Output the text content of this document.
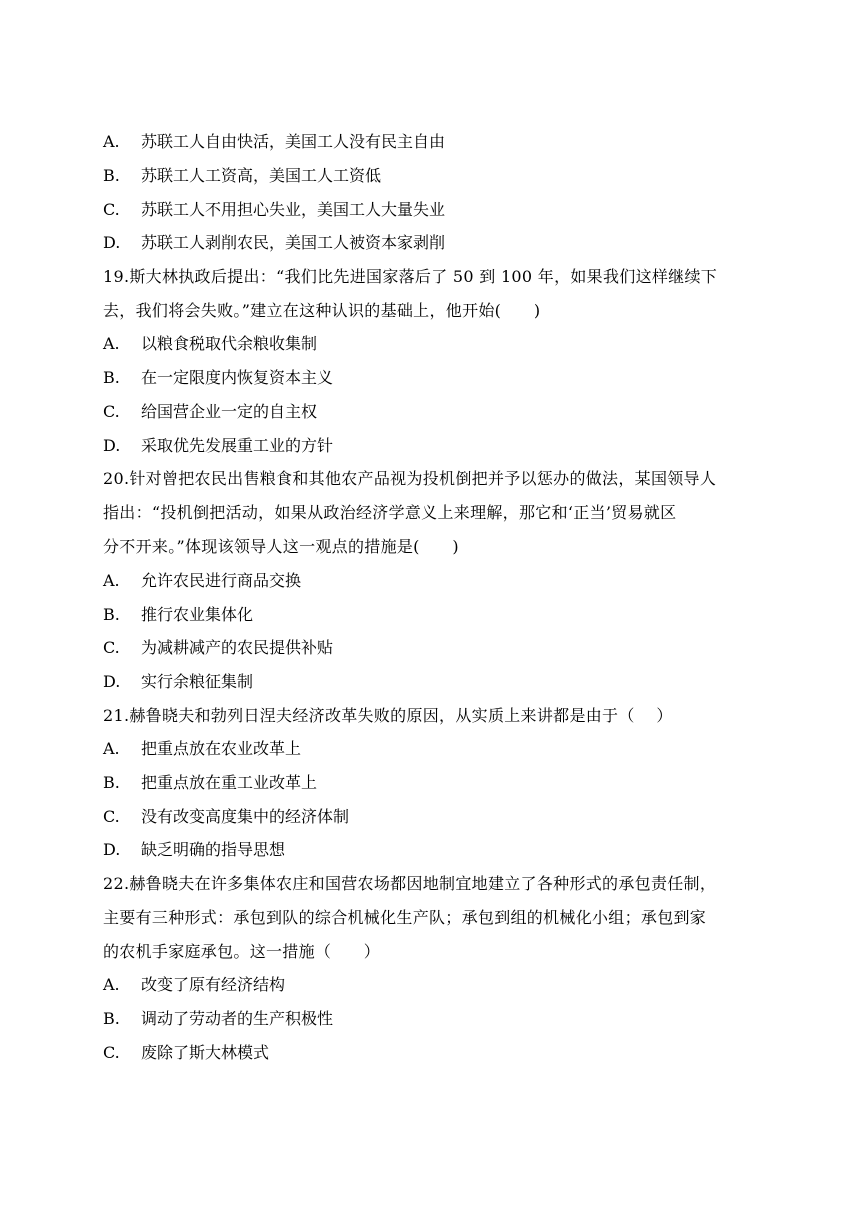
A. 苏联工人自由快活，美国工人没有民主自由
B. 苏联工人工资高，美国工人工资低
C. 苏联工人不用担心失业，美国工人大量失业
D. 苏联工人剥削农民，美国工人被资本家剥削
19.斯大林执政后提出：“我们比先进国家落后了 50 到 100 年，如果我们这样继续下
去，我们将会失败。”建立在这种认识的基础上，他开始(　　)
A. 以粮食税取代余粮收集制
B. 在一定限度内恢复资本主义
C. 给国营企业一定的自主权
D. 采取优先发展重工业的方针
20.针对曾把农民出售粮食和其他农产品视为投机倒把并予以惩办的做法，某国领导人
指出：“投机倒把活动，如果从政治经济学意义上来理解，那它和‘正当’贸易就区
分不开来。”体现该领导人这一观点的措施是(　　)
A. 允许农民进行商品交换
B. 推行农业集体化
C. 为减耕减产的农民提供补贴
D. 实行余粮征集制
21.赫鲁晓夫和勃列日涅夫经济改革失败的原因，从实质上来讲都是由于（　 ）
A. 把重点放在农业改革上
B. 把重点放在重工业改革上
C. 没有改变高度集中的经济体制
D. 缺乏明确的指导思想
22.赫鲁晓夫在许多集体农庄和国营农场都因地制宜地建立了各种形式的承包责任制，
主要有三种形式：承包到队的综合机械化生产队；承包到组的机械化小组；承包到家
的农机手家庭承包。这一措施（　　）
A. 改变了原有经济结构
B. 调动了劳动者的生产积极性
C. 废除了斯大林模式
